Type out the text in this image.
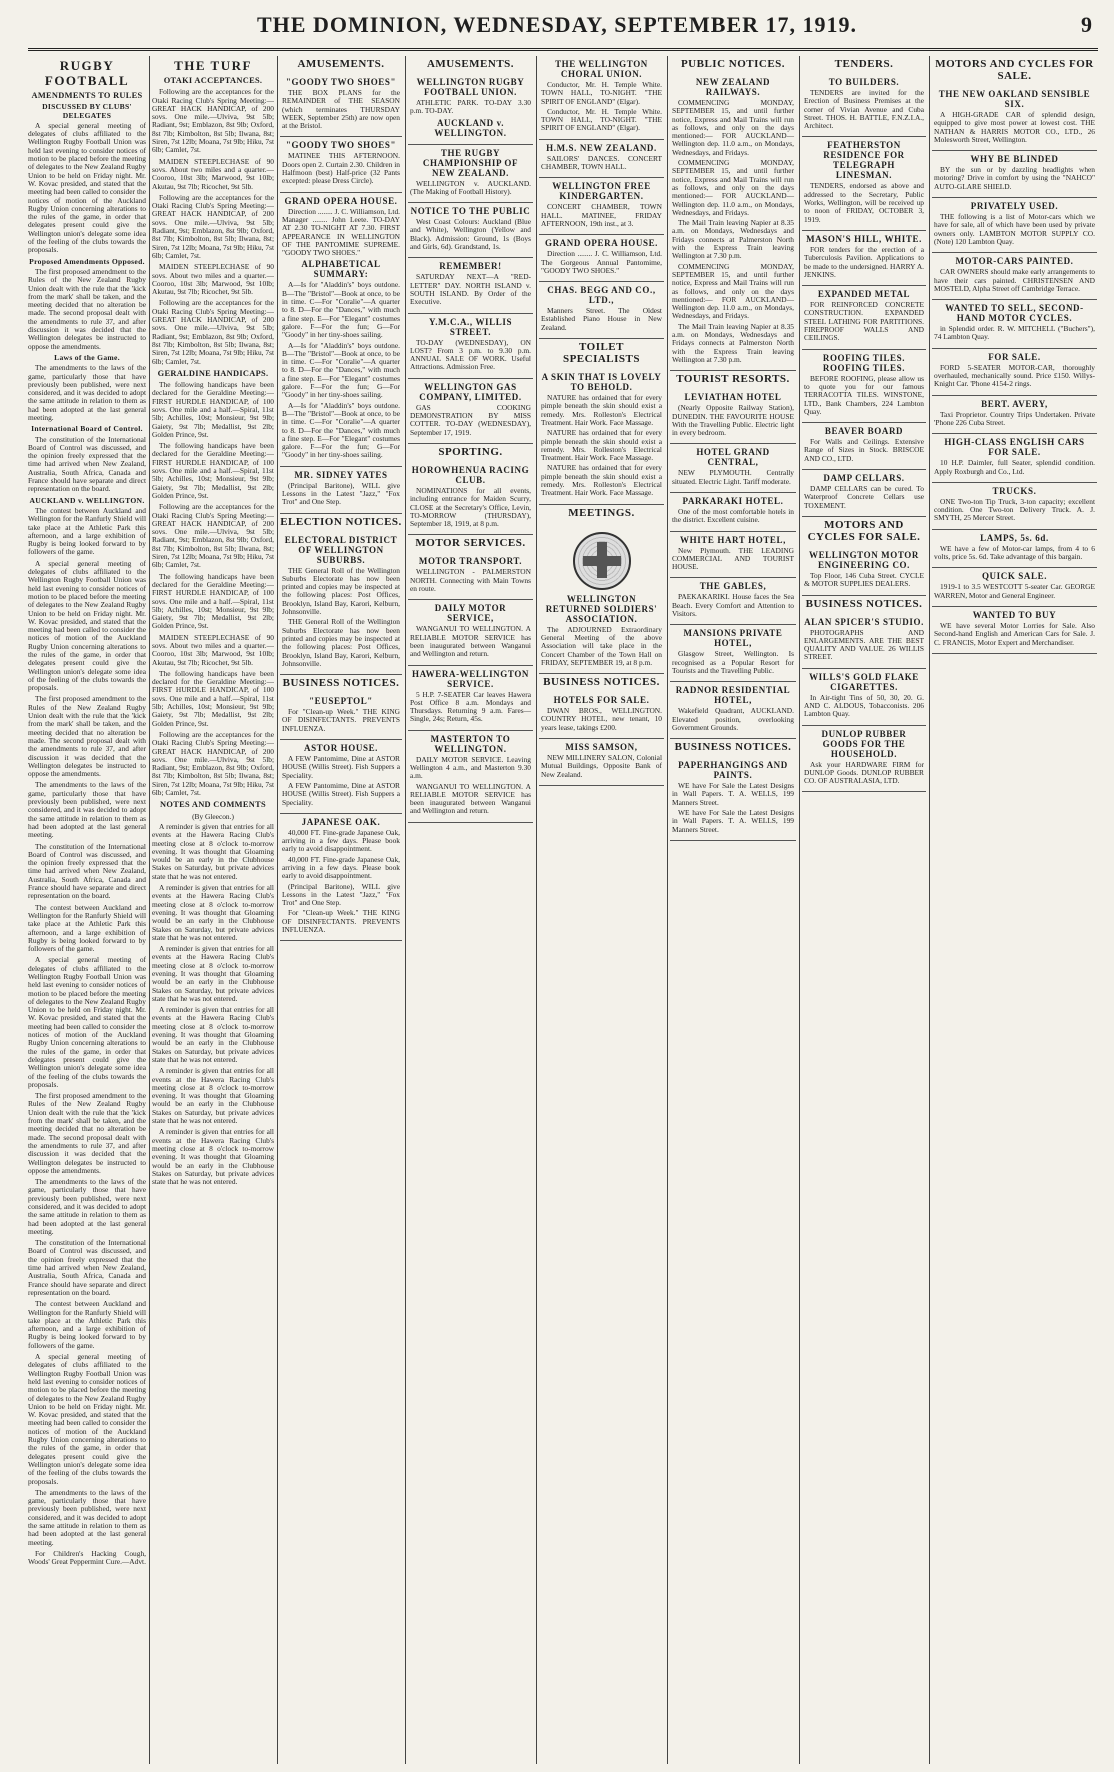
THE DOMINION, WEDNESDAY, SEPTEMBER 17, 1919.	9
RUGBY FOOTBALL
AMENDMENTS TO RULES
DISCUSSED BY CLUBS' DELEGATES

A special general meeting of delegates of clubs affiliated to the Wellington Rugby Football Union was held last evening to consider notices of motion to be placed before the meeting of delegates to the New Zealand Rugby Union to be held on Friday night. Mr. W. Kovac presided, and stated that the meeting had been called to consider the notices of motion of the Auckland Rugby Union concerning alterations to the rules of the game, in order that delegates present could give the Wellington union's delegate some idea of the feeling of the clubs towards the proposals.

Proposed Amendments Opposed.

The first proposed amendment to the Rules of the New Zealand Rugby Union dealt with the rule that the 'kick from the mark' shall be taken, and the meeting decided that no alteration be made. The second proposal dealt with the amendments to rule 37, and after discussion it was decided that the Wellington delegates be instructed to oppose the amendments.

Laws of the Game.

The amendments to the laws of the game, particularly those that have previously been published, were next considered, and it was decided to adopt the same attitude in relation to them as had been adopted at the last general meeting.

International Board of Control.

The constitution of the International Board of Control was discussed, and the opinion freely expressed that the time had arrived when New Zealand, Australia, South Africa, Canada and France should have separate and direct representation on the board.

AUCKLAND v. WELLINGTON.

The contest between Auckland and Wellington for the Ranfurly Shield will take place at the Athletic Park this afternoon, and a large exhibition of Rugby is being looked forward to by followers of the game.

A special general meeting of delegates of clubs affiliated to the Wellington Rugby Football Union was held last evening to consider notices of motion to be placed before the meeting of delegates to the New Zealand Rugby Union to be held on Friday night. Mr. W. Kovac presided, and stated that the meeting had been called to consider the notices of motion of the Auckland Rugby Union concerning alterations to the rules of the game, in order that delegates present could give the Wellington union's delegate some idea of the feeling of the clubs towards the proposals.

The first proposed amendment to the Rules of the New Zealand Rugby Union dealt with the rule that the 'kick from the mark' shall be taken, and the meeting decided that no alteration be made. The second proposal dealt with the amendments to rule 37, and after discussion it was decided that the Wellington delegates be instructed to oppose the amendments.

The amendments to the laws of the game, particularly those that have previously been published, were next considered, and it was decided to adopt the same attitude in relation to them as had been adopted at the last general meeting.

The constitution of the International Board of Control was discussed, and the opinion freely expressed that the time had arrived when New Zealand, Australia, South Africa, Canada and France should have separate and direct representation on the board.

The contest between Auckland and Wellington for the Ranfurly Shield will take place at the Athletic Park this afternoon, and a large exhibition of Rugby is being looked forward to by followers of the game.

A special general meeting of delegates of clubs affiliated to the Wellington Rugby Football Union was held last evening to consider notices of motion to be placed before the meeting of delegates to the New Zealand Rugby Union to be held on Friday night. Mr. W. Kovac presided, and stated that the meeting had been called to consider the notices of motion of the Auckland Rugby Union concerning alterations to the rules of the game, in order that delegates present could give the Wellington union's delegate some idea of the feeling of the clubs towards the proposals.

The first proposed amendment to the Rules of the New Zealand Rugby Union dealt with the rule that the 'kick from the mark' shall be taken, and the meeting decided that no alteration be made. The second proposal dealt with the amendments to rule 37, and after discussion it was decided that the Wellington delegates be instructed to oppose the amendments.

The amendments to the laws of the game, particularly those that have previously been published, were next considered, and it was decided to adopt the same attitude in relation to them as had been adopted at the last general meeting.

The constitution of the International Board of Control was discussed, and the opinion freely expressed that the time had arrived when New Zealand, Australia, South Africa, Canada and France should have separate and direct representation on the board.

The contest between Auckland and Wellington for the Ranfurly Shield will take place at the Athletic Park this afternoon, and a large exhibition of Rugby is being looked forward to by followers of the game.

A special general meeting of delegates of clubs affiliated to the Wellington Rugby Football Union was held last evening to consider notices of motion to be placed before the meeting of delegates to the New Zealand Rugby Union to be held on Friday night. Mr. W. Kovac presided, and stated that the meeting had been called to consider the notices of motion of the Auckland Rugby Union concerning alterations to the rules of the game, in order that delegates present could give the Wellington union's delegate some idea of the feeling of the clubs towards the proposals.

The amendments to the laws of the game, particularly those that have previously been published, were next considered, and it was decided to adopt the same attitude in relation to them as had been adopted at the last general meeting.

For Children's Hacking Cough, Woods' Great Peppermint Cure.—Advt.

THE TURF
OTAKI ACCEPTANCES.

Following are the acceptances for the Otaki Racing Club's Spring Meeting:— GREAT HACK HANDICAP, of 200 sovs. One mile.—Ulviva, 9st 5lb; Radiant, 9st; Emblazon, 8st 9lb; Oxford, 8st 7lb; Kimbolton, 8st 5lb; Ilwana, 8st; Siren, 7st 12lb; Moana, 7st 9lb; Hiku, 7st 6lb; Camlet, 7st.

MAIDEN STEEPLECHASE of 90 sovs. About two miles and a quarter.—Cooroo, 10st 3lb; Marwood, 9st 10lb; Akutau, 9st 7lb; Ricochet, 9st 5lb.

Following are the acceptances for the Otaki Racing Club's Spring Meeting:— GREAT HACK HANDICAP, of 200 sovs. One mile.—Ulviva, 9st 5lb; Radiant, 9st; Emblazon, 8st 9lb; Oxford, 8st 7lb; Kimbolton, 8st 5lb; Ilwana, 8st; Siren, 7st 12lb; Moana, 7st 9lb; Hiku, 7st 6lb; Camlet, 7st.

MAIDEN STEEPLECHASE of 90 sovs. About two miles and a quarter.—Cooroo, 10st 3lb; Marwood, 9st 10lb; Akutau, 9st 7lb; Ricochet, 9st 5lb.

Following are the acceptances for the Otaki Racing Club's Spring Meeting:— GREAT HACK HANDICAP, of 200 sovs. One mile.—Ulviva, 9st 5lb; Radiant, 9st; Emblazon, 8st 9lb; Oxford, 8st 7lb; Kimbolton, 8st 5lb; Ilwana, 8st; Siren, 7st 12lb; Moana, 7st 9lb; Hiku, 7st 6lb; Camlet, 7st.

GERALDINE HANDICAPS.

The following handicaps have been declared for the Geraldine Meeting:— FIRST HURDLE HANDICAP, of 100 sovs. One mile and a half.—Spiral, 11st 5lb; Achilles, 10st; Monsieur, 9st 9lb; Gaiety, 9st 7lb; Medallist, 9st 2lb; Golden Prince, 9st.

The following handicaps have been declared for the Geraldine Meeting:— FIRST HURDLE HANDICAP, of 100 sovs. One mile and a half.—Spiral, 11st 5lb; Achilles, 10st; Monsieur, 9st 9lb; Gaiety, 9st 7lb; Medallist, 9st 2lb; Golden Prince, 9st.

Following are the acceptances for the Otaki Racing Club's Spring Meeting:— GREAT HACK HANDICAP, of 200 sovs. One mile.—Ulviva, 9st 5lb; Radiant, 9st; Emblazon, 8st 9lb; Oxford, 8st 7lb; Kimbolton, 8st 5lb; Ilwana, 8st; Siren, 7st 12lb; Moana, 7st 9lb; Hiku, 7st 6lb; Camlet, 7st.

The following handicaps have been declared for the Geraldine Meeting:— FIRST HURDLE HANDICAP, of 100 sovs. One mile and a half.—Spiral, 11st 5lb; Achilles, 10st; Monsieur, 9st 9lb; Gaiety, 9st 7lb; Medallist, 9st 2lb; Golden Prince, 9st.

MAIDEN STEEPLECHASE of 90 sovs. About two miles and a quarter.—Cooroo, 10st 3lb; Marwood, 9st 10lb; Akutau, 9st 7lb; Ricochet, 9st 5lb.

The following handicaps have been declared for the Geraldine Meeting:— FIRST HURDLE HANDICAP, of 100 sovs. One mile and a half.—Spiral, 11st 5lb; Achilles, 10st; Monsieur, 9st 9lb; Gaiety, 9st 7lb; Medallist, 9st 2lb; Golden Prince, 9st.

Following are the acceptances for the Otaki Racing Club's Spring Meeting:— GREAT HACK HANDICAP, of 200 sovs. One mile.—Ulviva, 9st 5lb; Radiant, 9st; Emblazon, 8st 9lb; Oxford, 8st 7lb; Kimbolton, 8st 5lb; Ilwana, 8st; Siren, 7st 12lb; Moana, 7st 9lb; Hiku, 7st 6lb; Camlet, 7st.

NOTES AND COMMENTS
(By Gleecon.)

A reminder is given that entries for all events at the Hawera Racing Club's meeting close at 8 o'clock to-morrow evening. It was thought that Gloaming would be an early in the Clubhouse Stakes on Saturday, but private advices state that he was not entered.

A reminder is given that entries for all events at the Hawera Racing Club's meeting close at 8 o'clock to-morrow evening. It was thought that Gloaming would be an early in the Clubhouse Stakes on Saturday, but private advices state that he was not entered.

A reminder is given that entries for all events at the Hawera Racing Club's meeting close at 8 o'clock to-morrow evening. It was thought that Gloaming would be an early in the Clubhouse Stakes on Saturday, but private advices state that he was not entered.

A reminder is given that entries for all events at the Hawera Racing Club's meeting close at 8 o'clock to-morrow evening. It was thought that Gloaming would be an early in the Clubhouse Stakes on Saturday, but private advices state that he was not entered.

A reminder is given that entries for all events at the Hawera Racing Club's meeting close at 8 o'clock to-morrow evening. It was thought that Gloaming would be an early in the Clubhouse Stakes on Saturday, but private advices state that he was not entered.

A reminder is given that entries for all events at the Hawera Racing Club's meeting close at 8 o'clock to-morrow evening. It was thought that Gloaming would be an early in the Clubhouse Stakes on Saturday, but private advices state that he was not entered.

AMUSEMENTS.
"GOODY TWO SHOES"

THE BOX PLANS for the REMAINDER of THE SEASON (which terminates THURSDAY WEEK, September 25th) are now open at the Bristol.

"GOODY TWO SHOES"

MATINEE THIS AFTERNOON. Doors open 2. Curtain 2.30. Children in Halfmoon (best) Half-price (32 Pants excepted: please Dress Circle).

GRAND OPERA HOUSE.

Direction ........ J. C. Williamson, Ltd. Manager ........ John Leete. TO-DAY AT 2.30 TO-NIGHT AT 7.30. FIRST APPEARANCE IN WELLINGTON OF THE PANTOMIME SUPREME. "GOODY TWO SHOES."

ALPHABETICAL SUMMARY:

A—Is for "Aladdin's" boys outdone. B—The "Bristol"—Book at once, to be in time. C—For "Coralie"—A quarter to 8. D—For the "Dances," with much a fine step. E—For "Elegant" costumes galore. F—For the fun; G—For "Goody" in her tiny-shoes sailing.

A—Is for "Aladdin's" boys outdone. B—The "Bristol"—Book at once, to be in time. C—For "Coralie"—A quarter to 8. D—For the "Dances," with much a fine step. E—For "Elegant" costumes galore. F—For the fun; G—For "Goody" in her tiny-shoes sailing.

A—Is for "Aladdin's" boys outdone. B—The "Bristol"—Book at once, to be in time. C—For "Coralie"—A quarter to 8. D—For the "Dances," with much a fine step. E—For "Elegant" costumes galore. F—For the fun; G—For "Goody" in her tiny-shoes sailing.

MR. SIDNEY YATES

(Principal Baritone), WILL give Lessons in the Latest "Jazz," "Fox Trot" and One Step.

ELECTION NOTICES.
ELECTORAL DISTRICT OF WELLINGTON SUBURBS.

THE General Roll of the Wellington Suburbs Electorate has now been printed and copies may be inspected at the following places: Post Offices, Brooklyn, Island Bay, Karori, Kelburn, Johnsonville.

THE General Roll of the Wellington Suburbs Electorate has now been printed and copies may be inspected at the following places: Post Offices, Brooklyn, Island Bay, Karori, Kelburn, Johnsonville.

BUSINESS NOTICES.
"EUSEPTOL"

For "Clean-up Week." THE KING OF DISINFECTANTS. PREVENTS INFLUENZA.

ASTOR HOUSE.

A FEW Pantomime, Dine at ASTOR HOUSE (Willis Street). Fish Suppers a Speciality.

A FEW Pantomime, Dine at ASTOR HOUSE (Willis Street). Fish Suppers a Speciality.

JAPANESE OAK.

40,000 FT. Fine-grade Japanese Oak, arriving in a few days. Please book early to avoid disappointment.

40,000 FT. Fine-grade Japanese Oak, arriving in a few days. Please book early to avoid disappointment.

(Principal Baritone), WILL give Lessons in the Latest "Jazz," "Fox Trot" and One Step.

For "Clean-up Week." THE KING OF DISINFECTANTS. PREVENTS INFLUENZA.

AMUSEMENTS.
WELLINGTON RUGBY FOOTBALL UNION.

ATHLETIC PARK. TO-DAY 3.30 p.m. TO-DAY.

AUCKLAND v. WELLINGTON.
THE RUGBY CHAMPIONSHIP OF NEW ZEALAND.

WELLINGTON v. AUCKLAND. (The Making of Football History).

NOTICE TO THE PUBLIC

West Coast Colours: Auckland (Blue and White), Wellington (Yellow and Black). Admission: Ground, 1s (Boys and Girls, 6d). Grandstand, 1s.

REMEMBER!

SATURDAY NEXT—A "RED-LETTER" DAY. NORTH ISLAND v. SOUTH ISLAND. By Order of the Executive.

Y.M.C.A., WILLIS STREET.

TO-DAY (WEDNESDAY), ON LOST? From 3 p.m. to 9.30 p.m. ANNUAL SALE OF WORK. Useful Attractions. Admission Free.

WELLINGTON GAS COMPANY, LIMITED.

GAS COOKING DEMONSTRATION BY MISS COTTER. TO-DAY (WEDNESDAY), September 17, 1919.

SPORTING.
HOROWHENUA RACING CLUB.

NOMINATIONS for all events, including entrance for Maiden Scurry, CLOSE at the Secretary's Office, Levin, TO-MORROW (THURSDAY), September 18, 1919, at 8 p.m.

MOTOR SERVICES.
MOTOR TRANSPORT.

WELLINGTON - PALMERSTON NORTH. Connecting with Main Towns en route.

DAILY MOTOR SERVICE,

WANGANUI TO WELLINGTON. A RELIABLE MOTOR SERVICE has been inaugurated between Wanganui and Wellington and return.

HAWERA-WELLINGTON SERVICE.

5 H.P. 7-SEATER Car leaves Hawera Post Office 8 a.m. Mondays and Thursdays. Returning 9 a.m. Fares—Single, 24s; Return, 45s.

MASTERTON TO WELLINGTON.

DAILY MOTOR SERVICE. Leaving Wellington 4 a.m., and Masterton 9.30 a.m.

WANGANUI TO WELLINGTON. A RELIABLE MOTOR SERVICE has been inaugurated between Wanganui and Wellington and return.

THE WELLINGTON CHORAL UNION.

Conductor, Mr. H. Temple White. TOWN HALL, TO-NIGHT. "THE SPIRIT OF ENGLAND" (Elgar).

Conductor, Mr. H. Temple White. TOWN HALL, TO-NIGHT. "THE SPIRIT OF ENGLAND" (Elgar).

H.M.S. NEW ZEALAND.

SAILORS' DANCES. CONCERT CHAMBER, TOWN HALL.

WELLINGTON FREE KINDERGARTEN.

CONCERT CHAMBER, TOWN HALL. MATINEE, FRIDAY AFTERNOON, 19th inst., at 3.

GRAND OPERA HOUSE.

Direction ........ J. C. Williamson, Ltd. The Gorgeous Annual Pantomime, "GOODY TWO SHOES."

CHAS. BEGG AND CO., LTD.,

Manners Street. The Oldest Established Piano House in New Zealand.

TOILET SPECIALISTS
A SKIN THAT IS LOVELY TO BEHOLD.

NATURE has ordained that for every pimple beneath the skin should exist a remedy. Mrs. Rolleston's Electrical Treatment. Hair Work. Face Massage.

NATURE has ordained that for every pimple beneath the skin should exist a remedy. Mrs. Rolleston's Electrical Treatment. Hair Work. Face Massage.

NATURE has ordained that for every pimple beneath the skin should exist a remedy. Mrs. Rolleston's Electrical Treatment. Hair Work. Face Massage.

MEETINGS.
WELLINGTON RETURNED SOLDIERS' ASSOCIATION.

The ADJOURNED Extraordinary General Meeting of the above Association will take place in the Concert Chamber of the Town Hall on FRIDAY, SEPTEMBER 19, at 8 p.m.

BUSINESS NOTICES.
HOTELS FOR SALE.

DWAN BROS., WELLINGTON. COUNTRY HOTEL, new tenant, 10 years lease, takings £200.

MISS SAMSON,

NEW MILLINERY SALON, Colonial Mutual Buildings, Opposite Bank of New Zealand.

PUBLIC NOTICES.
NEW ZEALAND RAILWAYS.

COMMENCING MONDAY, SEPTEMBER 15, and until further notice, Express and Mail Trains will run as follows, and only on the days mentioned:— FOR AUCKLAND—Wellington dep. 11.0 a.m., on Mondays, Wednesdays, and Fridays.

COMMENCING MONDAY, SEPTEMBER 15, and until further notice, Express and Mail Trains will run as follows, and only on the days mentioned:— FOR AUCKLAND—Wellington dep. 11.0 a.m., on Mondays, Wednesdays, and Fridays.

The Mail Train leaving Napier at 8.35 a.m. on Mondays, Wednesdays and Fridays connects at Palmerston North with the Express Train leaving Wellington at 7.30 p.m.

COMMENCING MONDAY, SEPTEMBER 15, and until further notice, Express and Mail Trains will run as follows, and only on the days mentioned:— FOR AUCKLAND—Wellington dep. 11.0 a.m., on Mondays, Wednesdays, and Fridays.

The Mail Train leaving Napier at 8.35 a.m. on Mondays, Wednesdays and Fridays connects at Palmerston North with the Express Train leaving Wellington at 7.30 p.m.

TOURIST RESORTS.
LEVIATHAN HOTEL

(Nearly Opposite Railway Station), DUNEDIN. THE FAVOURITE HOUSE With the Travelling Public. Electric light in every bedroom.

HOTEL GRAND CENTRAL,

NEW PLYMOUTH. Centrally situated. Electric Light. Tariff moderate.

PARKARAKI HOTEL.

One of the most comfortable hotels in the district. Excellent cuisine.

WHITE HART HOTEL,

New Plymouth. THE LEADING COMMERCIAL AND TOURIST HOUSE.

THE GABLES,

PAEKAKARIKI. House faces the Sea Beach. Every Comfort and Attention to Visitors.

MANSIONS PRIVATE HOTEL,

Glasgow Street, Wellington. Is recognised as a Popular Resort for Tourists and the Travelling Public.

RADNOR RESIDENTIAL HOTEL,

Wakefield Quadrant, AUCKLAND. Elevated position, overlooking Government Grounds.

BUSINESS NOTICES.
PAPERHANGINGS AND PAINTS.

WE have For Sale the Latest Designs in Wall Papers. T. A. WELLS, 199 Manners Street.

WE have For Sale the Latest Designs in Wall Papers. T. A. WELLS, 199 Manners Street.

TENDERS.
TO BUILDERS.

TENDERS are invited for the Erection of Business Premises at the corner of Vivian Avenue and Cuba Street. THOS. H. BATTLE, F.N.Z.I.A., Architect.

FEATHERSTON RESIDENCE FOR TELEGRAPH LINESMAN.

TENDERS, endorsed as above and addressed to the Secretary, Public Works, Wellington, will be received up to noon of FRIDAY, OCTOBER 3, 1919.

MASON'S HILL, WHITE.

FOR tenders for the erection of a Tuberculosis Pavilion. Applications to be made to the undersigned. HARRY A. JENKINS.

EXPANDED METAL

FOR REINFORCED CONCRETE CONSTRUCTION. EXPANDED STEEL LATHING FOR PARTITIONS. FIREPROOF WALLS AND CEILINGS.

ROOFING TILES. ROOFING TILES.

BEFORE ROOFING, please allow us to quote you for our famous TERRACOTTA TILES. WINSTONE, LTD., Bank Chambers, 224 Lambton Quay.

BEAVER BOARD

For Walls and Ceilings. Extensive Range of Sizes in Stock. BRISCOE AND CO., LTD.

DAMP CELLARS.

DAMP CELLARS can be cured. To Waterproof Concrete Cellars use TOXEMENT.

MOTORS AND CYCLES FOR SALE.
WELLINGTON MOTOR ENGINEERING CO.

Top Floor, 146 Cuba Street. CYCLE & MOTOR SUPPLIES DEALERS.

BUSINESS NOTICES.
ALAN SPICER'S STUDIO.

PHOTOGRAPHS AND ENLARGEMENTS. ARE THE BEST QUALITY AND VALUE. 26 WILLIS STREET.

WILLS'S GOLD FLAKE CIGARETTES.

In Air-tight Tins of 50, 30, 20. G. AND C. ALDOUS, Tobacconists. 206 Lambton Quay.

DUNLOP RUBBER GOODS FOR THE HOUSEHOLD.

Ask your HARDWARE FIRM for DUNLOP Goods. DUNLOP RUBBER CO. OF AUSTRALASIA, LTD.

MOTORS AND CYCLES FOR SALE.
THE NEW OAKLAND SENSIBLE SIX.

A HIGH-GRADE CAR of splendid design, equipped to give most power at lowest cost. THE NATHAN & HARRIS MOTOR CO., LTD., 26 Molesworth Street, Wellington.

WHY BE BLINDED

BY the sun or by dazzling headlights when motoring? Drive in comfort by using the "NAHCO" AUTO-GLARE SHIELD.

PRIVATELY USED.

THE following is a list of Motor-cars which we have for sale, all of which have been used by private owners only. LAMBTON MOTOR SUPPLY CO. (Note) 120 Lambton Quay.

MOTOR-CARS PAINTED.

CAR OWNERS should make early arrangements to have their cars painted. CHRISTENSEN AND MOSTELD, Alpha Street off Cambridge Terrace.

WANTED TO SELL, SECOND-HAND MOTOR CYCLES.

in Splendid order. R. W. MITCHELL ("Buchers"), 74 Lambton Quay.

FOR SALE.

FORD 5-SEATER MOTOR-CAR, thoroughly overhauled, mechanically sound. Price £150. Willys-Knight Car. 'Phone 4154-2 rings.

BERT. AVERY,

Taxi Proprietor. Country Trips Undertaken. Private 'Phone 226 Cuba Street.

HIGH-CLASS ENGLISH CARS FOR SALE.

10 H.P. Daimler, full Seater, splendid condition. Apply Roxburgh and Co., Ltd.

TRUCKS.

ONE Two-ton Tip Truck, 3-ton capacity; excellent condition. One Two-ton Delivery Truck. A. J. SMYTH, 25 Mercer Street.

LAMPS, 5s. 6d.

WE have a few of Motor-car lamps, from 4 to 6 volts, price 5s. 6d. Take advantage of this bargain.

QUICK SALE.

1919-1 to 3.5 WESTCOTT 5-seater Car. GEORGE WARREN, Motor and General Engineer.

WANTED TO BUY

WE have several Motor Lorries for Sale. Also Second-hand English and American Cars for Sale. J. C. FRANCIS, Motor Expert and Merchandiser.
